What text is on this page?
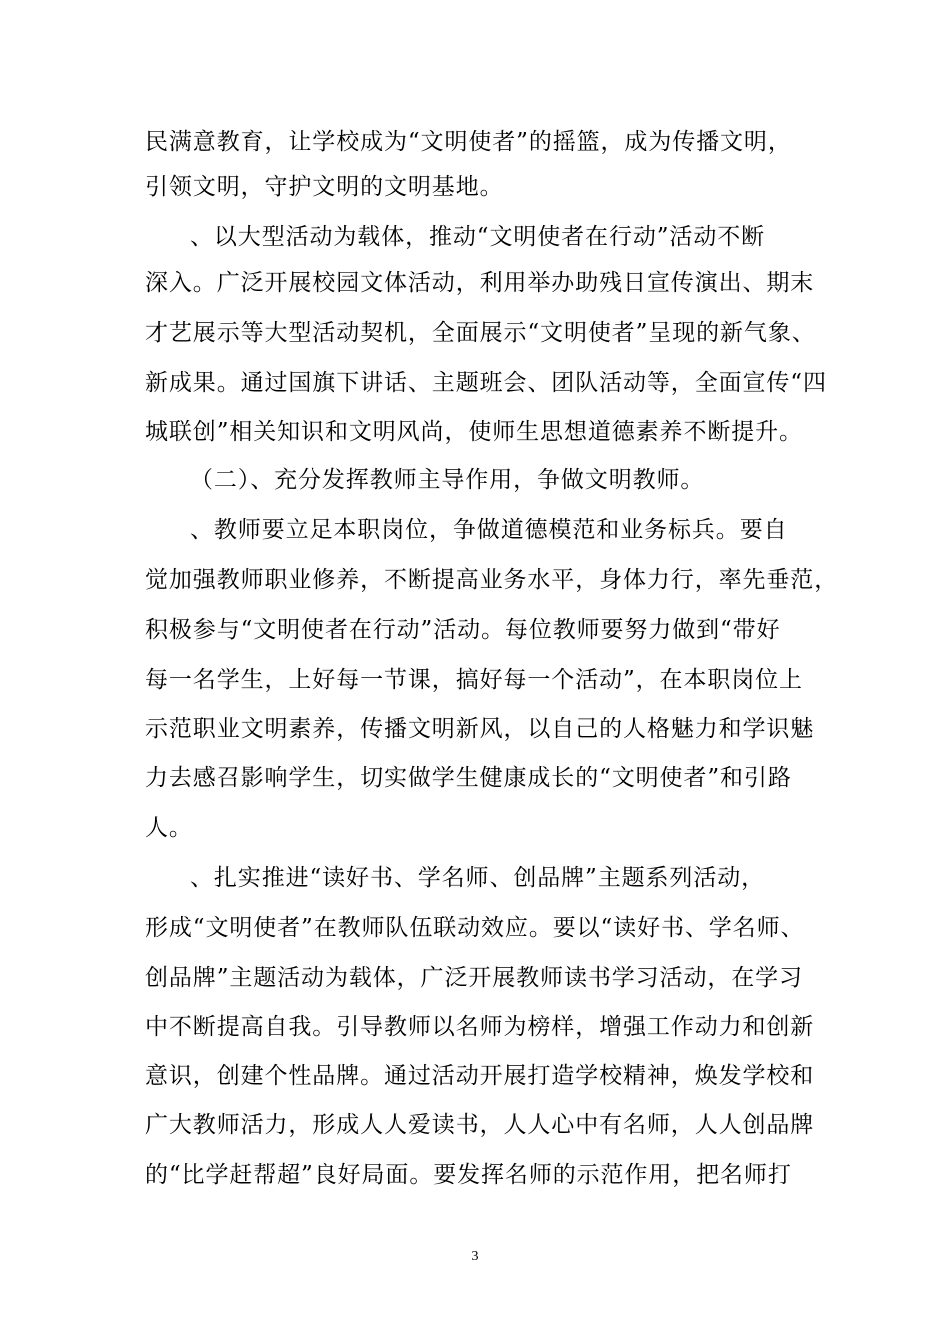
民满意教育，让学校成为“文明使者”的摇篮，成为传播文明，
引领文明，守护文明的文明基地。
、以大型活动为载体，推动“文明使者在行动”活动不断
深入。广泛开展校园文体活动，利用举办助残日宣传演出、期末
才艺展示等大型活动契机，全面展示“文明使者”呈现的新气象、
新成果。通过国旗下讲话、主题班会、团队活动等，全面宣传“四
城联创”相关知识和文明风尚，使师生思想道德素养不断提升。
（二）、充分发挥教师主导作用，争做文明教师。
、教师要立足本职岗位，争做道德模范和业务标兵。要自
觉加强教师职业修养，不断提高业务水平，身体力行，率先垂范，
积极参与“文明使者在行动”活动。每位教师要努力做到“带好
每一名学生，上好每一节课，搞好每一个活动”，在本职岗位上
示范职业文明素养，传播文明新风，以自己的人格魅力和学识魅
力去感召影响学生，切实做学生健康成长的“文明使者”和引路
人。
、扎实推进“读好书、学名师、创品牌”主题系列活动，
形成“文明使者”在教师队伍联动效应。要以“读好书、学名师、
创品牌”主题活动为载体，广泛开展教师读书学习活动，在学习
中不断提高自我。引导教师以名师为榜样，增强工作动力和创新
意识，创建个性品牌。通过活动开展打造学校精神，焕发学校和
广大教师活力，形成人人爱读书，人人心中有名师，人人创品牌
的“比学赶帮超”良好局面。要发挥名师的示范作用，把名师打
3
